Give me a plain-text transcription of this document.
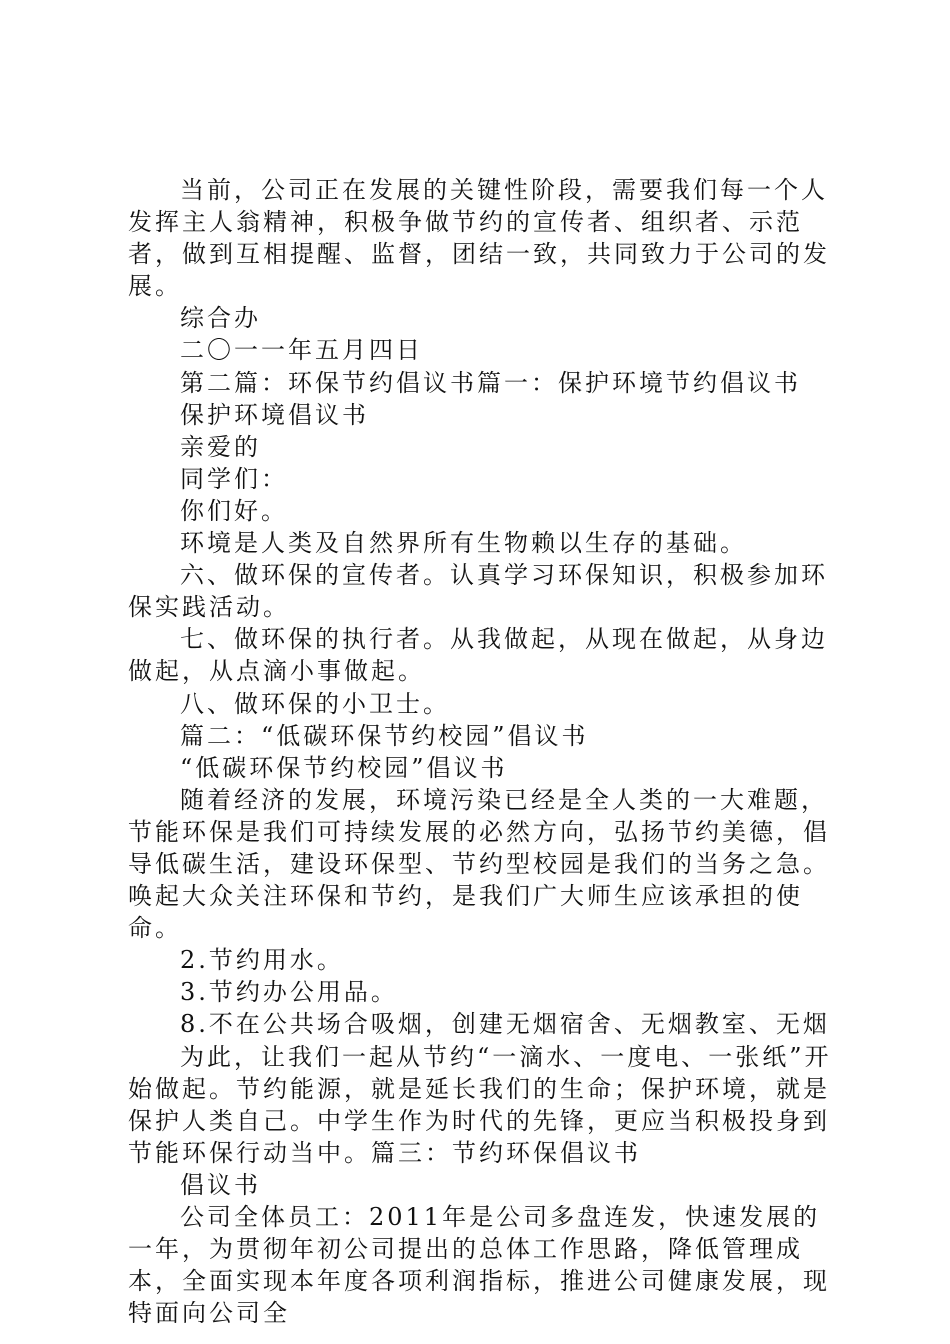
当前，公司正在发展的关键性阶段，需要我们每一个人发挥主人翁精神，积极争做节约的宣传者、组织者、示范者，做到互相提醒、监督，团结一致，共同致力于公司的发展。

综合办

二〇一一年五月四日

第二篇：环保节约倡议书篇一：保护环境节约倡议书

保护环境倡议书

亲爱的

同学们：

你们好。

环境是人类及自然界所有生物赖以生存的基础。

六、做环保的宣传者。认真学习环保知识，积极参加环保实践活动。

七、做环保的执行者。从我做起，从现在做起，从身边做起，从点滴小事做起。

八、做环保的小卫士。

篇二：“低碳环保节约校园”倡议书

“低碳环保节约校园”倡议书

随着经济的发展，环境污染已经是全人类的一大难题，节能环保是我们可持续发展的必然方向，弘扬节约美德，倡导低碳生活，建设环保型、节约型校园是我们的当务之急。唤起大众关注环保和节约，是我们广大师生应该承担的使命。

2.节约用水。

3.节约办公用品。

8.不在公共场合吸烟，创建无烟宿舍、无烟教室、无烟

为此，让我们一起从节约“一滴水、一度电、一张纸”开始做起。节约能源，就是延长我们的生命；保护环境，就是保护人类自己。中学生作为时代的先锋，更应当积极投身到节能环保行动当中。篇三：节约环保倡议书

倡议书

公司全体员工：2011年是公司多盘连发，快速发展的一年，为贯彻年初公司提出的总体工作思路，降低管理成本，全面实现本年度各项利润指标，推进公司健康发展，现特面向公司全
